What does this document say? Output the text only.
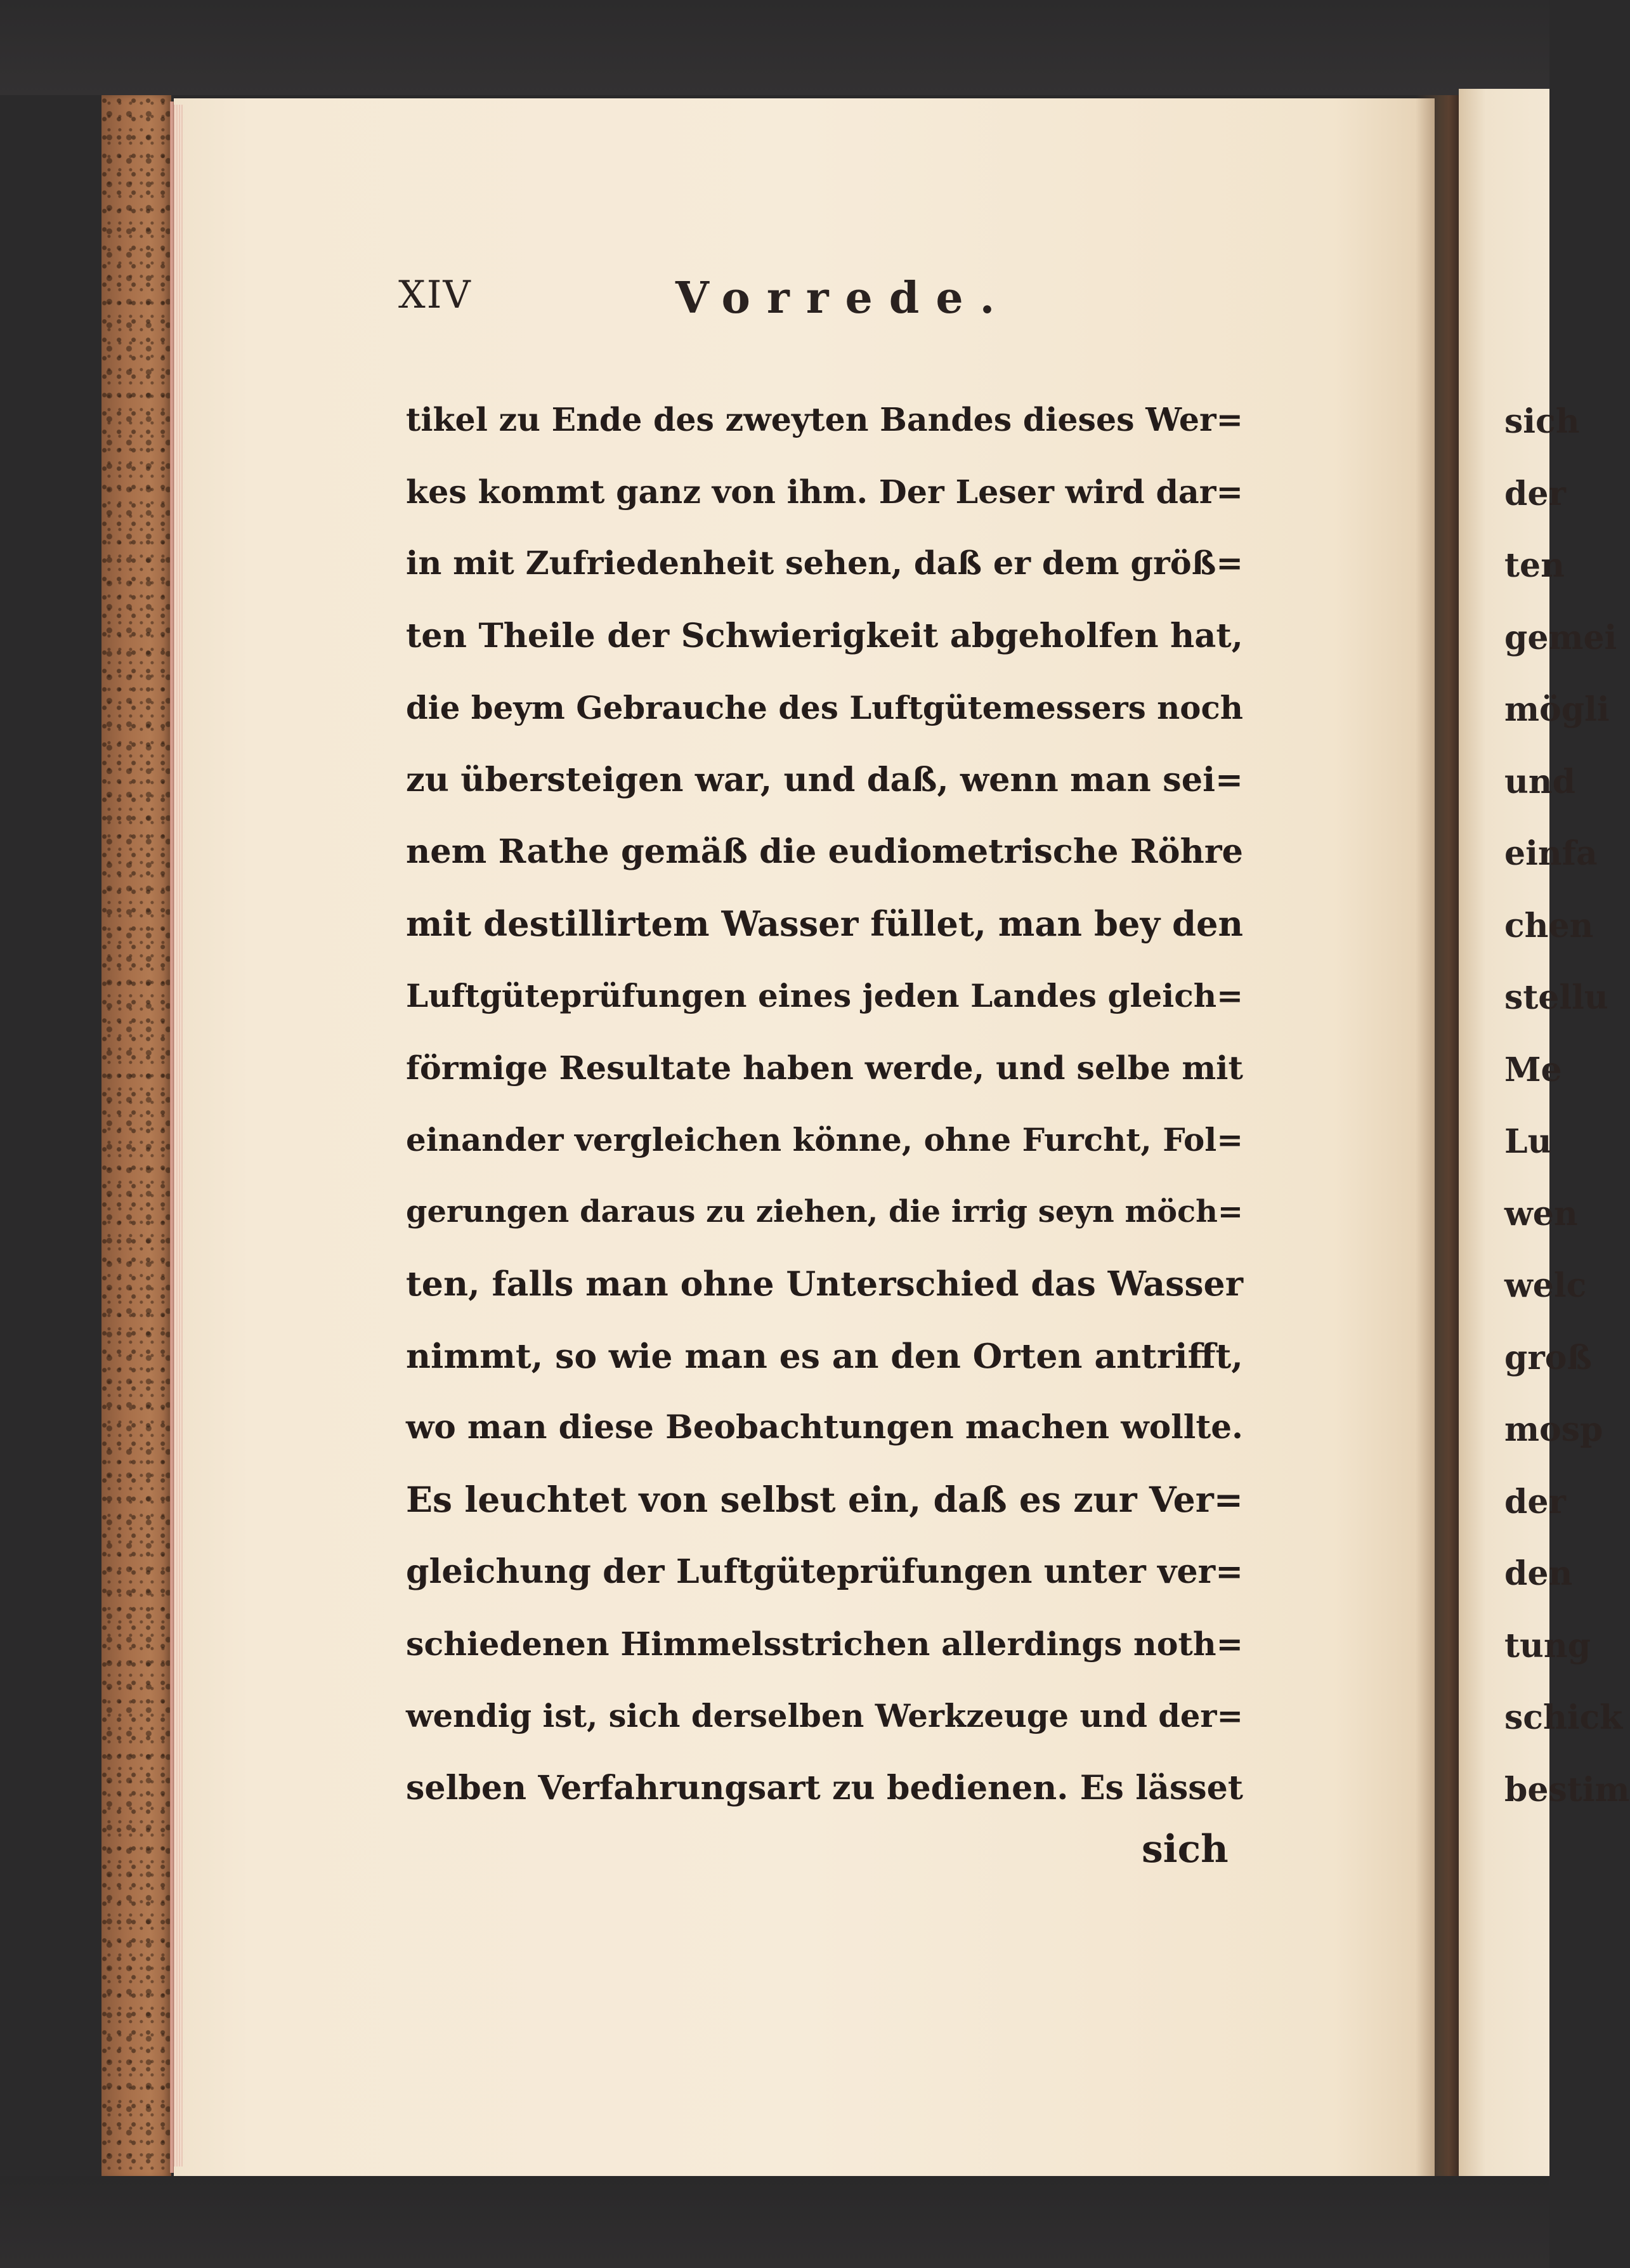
XIV	Vorrede.
tikel zu Ende des zweyten Bandes dieses Wer=
kes kommt ganz von ihm. Der Leser wird dar=
in mit Zufriedenheit sehen, daß er dem größ=
ten Theile der Schwierigkeit abgeholfen hat,
die beym Gebrauche des Luftgütemessers noch
zu übersteigen war, und daß, wenn man sei=
nem Rathe gemäß die eudiometrische Röhre
mit destillirtem Wasser füllet, man bey den
Luftgüteprüfungen eines jeden Landes gleich=
förmige Resultate haben werde, und selbe mit
einander vergleichen könne, ohne Furcht, Fol=
gerungen daraus zu ziehen, die irrig seyn möch=
ten, falls man ohne Unterschied das Wasser
nimmt, so wie man es an den Orten antrifft,
wo man diese Beobachtungen machen wollte.
Es leuchtet von selbst ein, daß es zur Ver=
gleichung der Luftgüteprüfungen unter ver=
schiedenen Himmelsstrichen allerdings noth=
wendig ist, sich derselben Werkzeuge und der=
selben Verfahrungsart zu bedienen. Es lässet
sich
sich
der
ten
gemei
mögli
und
einfa
chen
stellu
Me
Lu
wen
welc
groß
mosp
der
den
tung
schick
bestim
